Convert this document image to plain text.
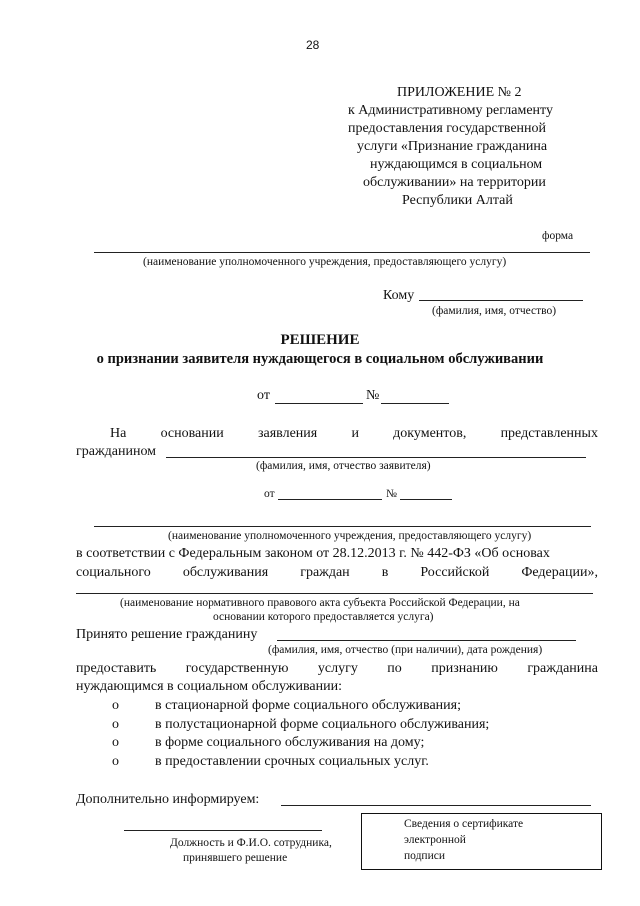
28
ПРИЛОЖЕНИЕ № 2
к Административному регламенту
предоставления государственной
услуги «Признание гражданина
нуждающимся в социальном
обслуживании» на территории
Республики Алтай
форма
(наименование уполномоченного учреждения, предоставляющего услугу)
Кому
(фамилия, имя, отчество)
РЕШЕНИЕ
о признании заявителя нуждающегося в социальном обслуживании
от	№
На основании заявления и документов, представленных
гражданином
(фамилия, имя, отчество заявителя)
от	№
(наименование уполномоченного учреждения, предоставляющего услугу)
в соответствии с Федеральным законом от 28.12.2013 г. № 442-ФЗ «Об основах
социального обслуживания граждан в Российской Федерации»,
(наименование нормативного правового акта субъекта Российской Федерации, на
основании которого предоставляется услуга)
Принято решение гражданину
(фамилия, имя, отчество (при наличии), дата рождения)
предоставить государственную услугу по признанию гражданина
нуждающимся в социальном обслуживании:
o	в стационарной форме социального обслуживания;
o	в полустационарной форме социального обслуживания;
o	в форме социального обслуживания на дому;
o	в предоставлении срочных социальных услуг.
Дополнительно информируем:
Должность и Ф.И.О. сотрудника,
принявшего решение
Сведения о сертификате
электронной
подписи
